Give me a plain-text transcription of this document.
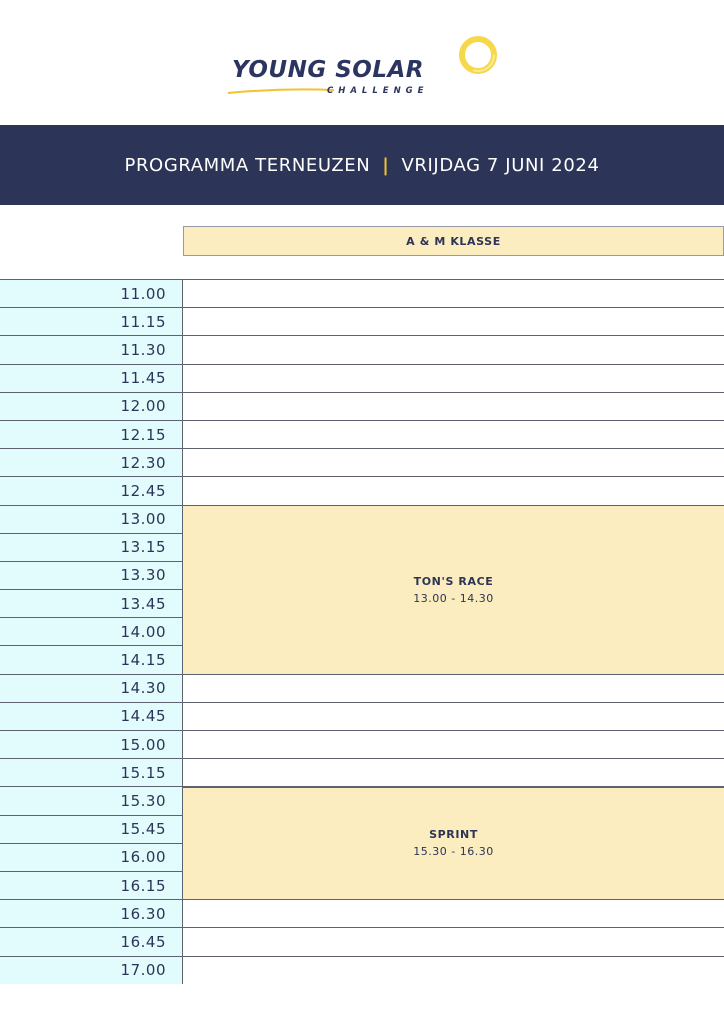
YOUNG SOLAR
CHALLENGE
PROGRAMMA TERNEUZEN | VRIJDAG 7 JUNI 2024
A & M KLASSE
11.00
11.15
11.30
11.45
12.00
12.15
12.30
12.45
13.00
13.15
13.30
13.45
14.00
14.15
14.30
14.45
15.00
15.15
15.30
15.45
16.00
16.15
16.30
16.45
17.00
TON'S RACE
13.00 - 14.30
SPRINT
15.30 - 16.30
